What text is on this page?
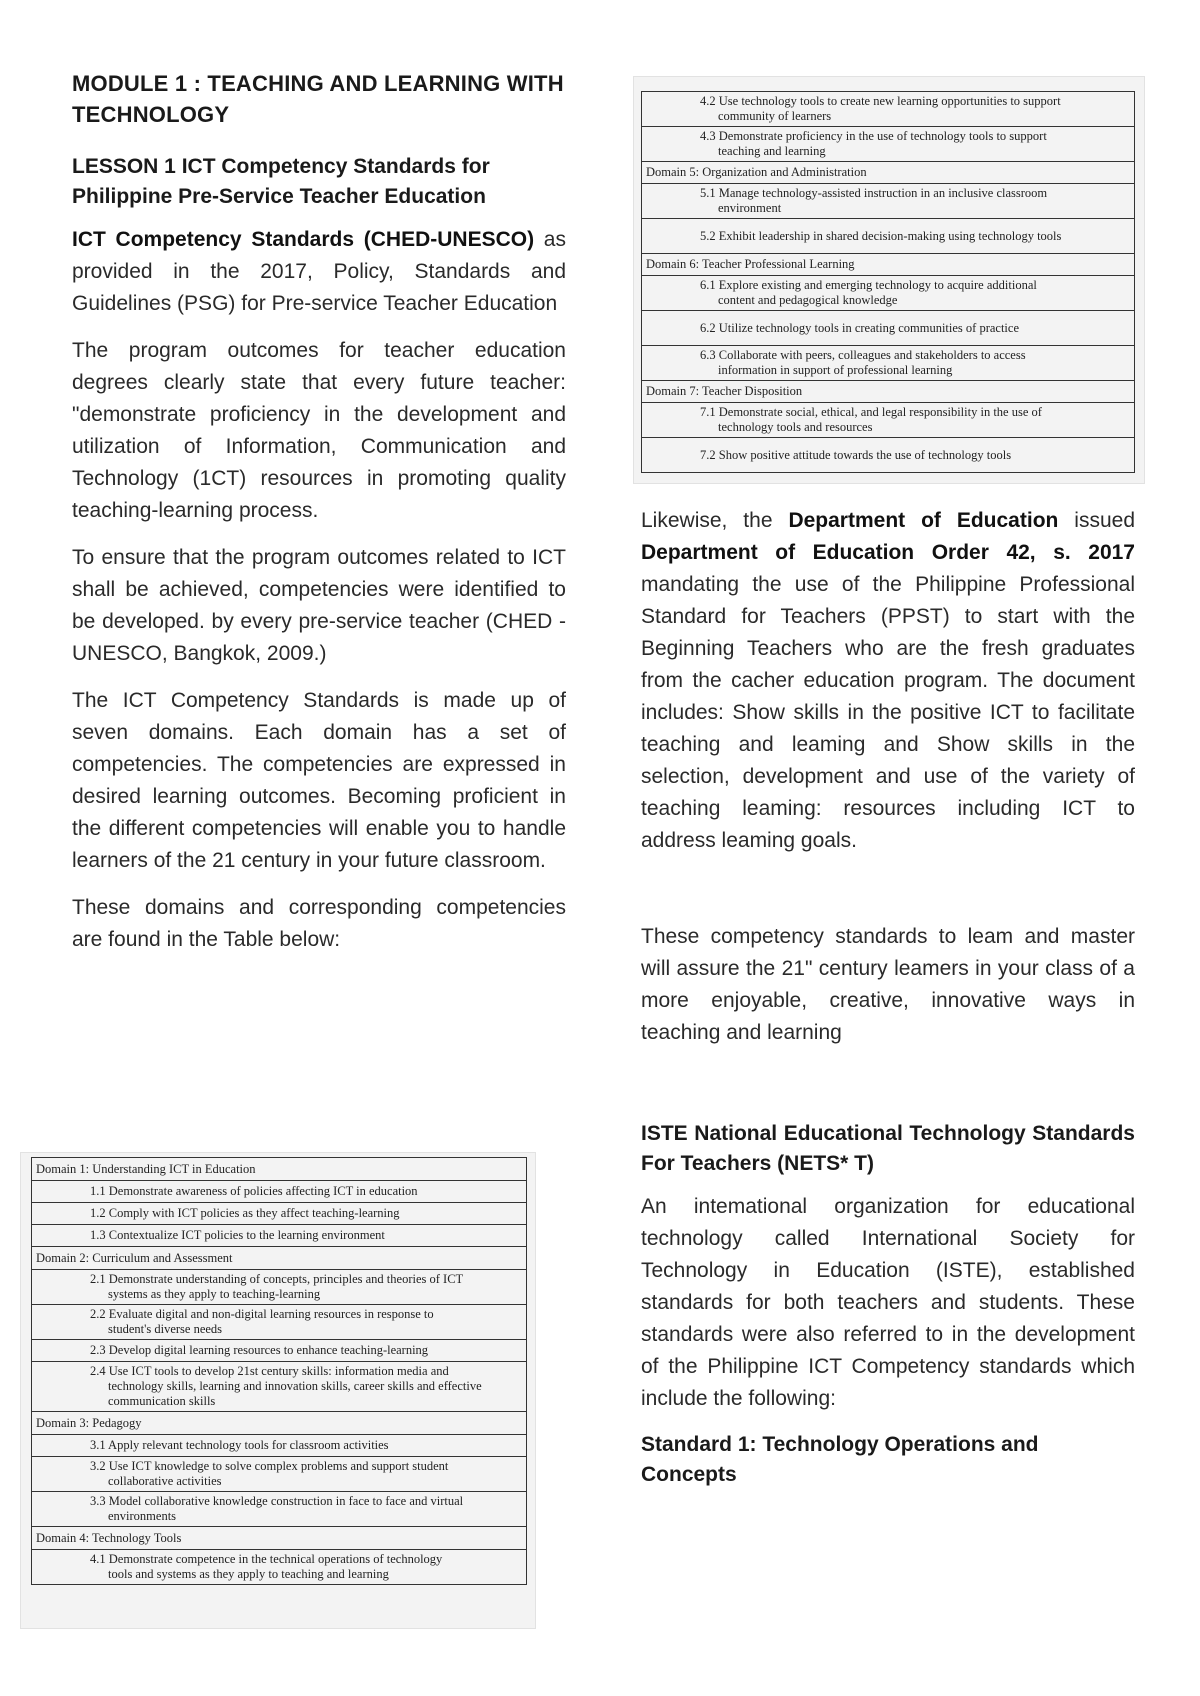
MODULE 1 : TEACHING AND LEARNING WITH TECHNOLOGY
LESSON 1 ICT Competency Standards for Philippine Pre-Service Teacher Education

ICT Competency Standards (CHED-UNESCO) as provided in the 2017, Policy, Standards and Guidelines (PSG) for Pre-service Teacher Education

The program outcomes for teacher education degrees clearly state that every future teacher: "demonstrate proficiency in the development and utilization of Information, Communication and Technology (1CT) resources in promoting quality teaching-learning process.

To ensure that the program outcomes related to ICT shall be achieved, competencies were identified to be developed. by every pre-service teacher (CHED - UNESCO, Bangkok, 2009.)

The ICT Competency Standards is made up of seven domains. Each domain has a set of competencies. The competencies are expressed in desired learning outcomes. Becoming proficient in the different competencies will enable you to handle learners of the 21 century in your future classroom.

These domains and corresponding competencies are found in the Table below:

Domain 1: Understanding ICT in Education
1.1 Demonstrate awareness of policies affecting ICT in education

1.2 Comply with ICT policies as they affect teaching-learning

1.3 Contextualize ICT policies to the learning environment

Domain 2: Curriculum and Assessment
2.1 Demonstrate understanding of concepts, principles and theories of ICT
systems as they apply to teaching-learning

2.2 Evaluate digital and non-digital learning resources in response to
student's diverse needs

2.3 Develop digital learning resources to enhance teaching-learning

2.4 Use ICT tools to develop 21st century skills: information media and
technology skills, learning and innovation skills, career skills and effective communication skills

Domain 3: Pedagogy
3.1 Apply relevant technology tools for classroom activities

3.2 Use ICT knowledge to solve complex problems and support student
collaborative activities

3.3 Model collaborative knowledge construction in face to face and virtual
environments

Domain 4: Technology Tools
4.1 Demonstrate competence in the technical operations of technology
tools and systems as they apply to teaching and learning
4.2 Use technology tools to create new learning opportunities to support
community of learners

4.3 Demonstrate proficiency in the use of technology tools to support
teaching and learning

Domain 5: Organization and Administration
5.1 Manage technology-assisted instruction in an inclusive classroom
environment

5.2 Exhibit leadership in shared decision-making using technology tools

Domain 6: Teacher Professional Learning
6.1 Explore existing and emerging technology to acquire additional
content and pedagogical knowledge

6.2 Utilize technology tools in creating communities of practice

6.3 Collaborate with peers, colleagues and stakeholders to access
information in support of professional learning

Domain 7: Teacher Disposition
7.1 Demonstrate social, ethical, and legal responsibility in the use of
technology tools and resources

7.2 Show positive attitude towards the use of technology tools

Likewise, the Department of Education issued Department of Education Order 42, s. 2017 mandating the use of the Philippine Professional Standard for Teachers (PPST) to start with the Beginning Teachers who are the fresh graduates from the cacher education program. The document includes: Show skills in the positive ICT to facilitate teaching and leaming and Show skills in the selection, development and use of the variety of teaching leaming: resources including ICT to address leaming goals.

These competency standards to leam and master will assure the 21" century leamers in your class of a more enjoyable, creative, innovative ways in teaching and learning

ISTE National Educational Technology Standards For Teachers (NETS* T)

An intemational organization for educational technology called International Society for Technology in Education (ISTE), established standards for both teachers and students. These standards were also referred to in the development of the Philippine ICT Competency standards which include the following:

Standard 1: Technology Operations and Concepts
